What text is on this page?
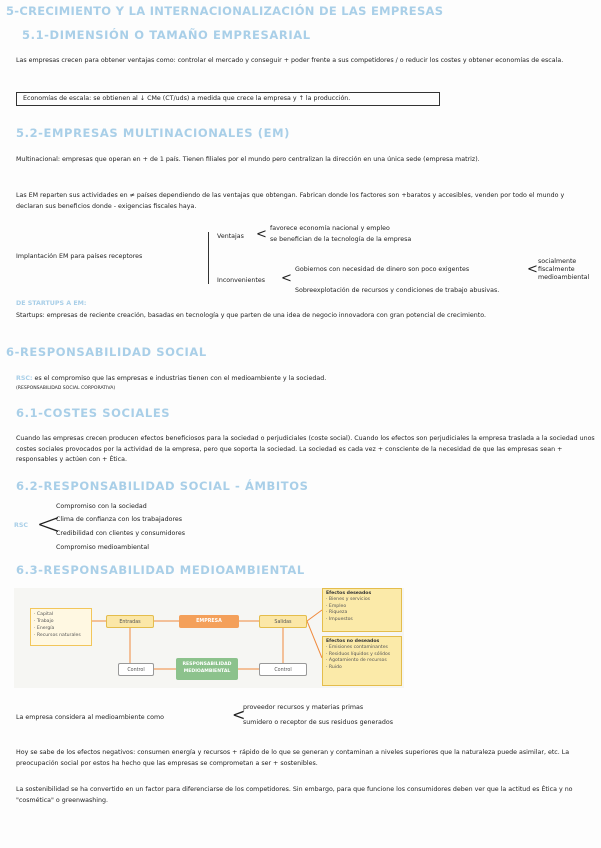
5-CRECIMIENTO Y LA INTERNACIONALIZACIÓN DE LAS EMPRESAS
5.1-DIMENSIÓN O TAMAÑO EMPRESARIAL
Las empresas crecen para obtener ventajas como: controlar el mercado y conseguir + poder frente a sus competidores / o reducir los costes y obtener economías de escala.
Economías de escala: se obtienen al ↓ CMe (CT/uds) a medida que crece la empresa y ↑ la producción.
5.2-EMPRESAS MULTINACIONALES (EM)
Multinacional: empresas que operan en + de 1 país. Tienen filiales por el mundo pero centralizan la dirección en una única sede (empresa matriz).
Las EM reparten sus actividades en ≠ países dependiendo de las ventajas que obtengan. Fabrican donde los factores son +baratos y accesibles, venden por todo el mundo y declaran sus beneficios donde - exigencias fiscales haya.
Implantación EM para países receptores
Ventajas < favorece economía nacional y empleo
se benefician de la tecnología de la empresa
Inconvenientes <
Gobiernos con necesidad de dinero son poco exigentes	<
socialmente
fiscalmente
medioambiental
Sobreexplotación de recursos y condiciones de trabajo abusivas.
DE STARTUPS A EM:
Startups: empresas de reciente creación, basadas en tecnología y que parten de una idea de negocio innovadora con gran potencial de crecimiento.
6-RESPONSABILIDAD SOCIAL
RSC: es el compromiso que las empresas e industrias tienen con el medioambiente y la sociedad.
(RESPONSABILIDAD SOCIAL CORPORATIVA)
6.1-COSTES SOCIALES
Cuando las empresas crecen producen efectos beneficiosos para la sociedad o perjudiciales (coste social). Cuando los efectos son perjudiciales la empresa traslada a la sociedad unos costes sociales provocados por la actividad de la empresa, pero que soporta la sociedad. La sociedad es cada vez + consciente de la necesidad de que las empresas sean + responsables y actúen con + Ética.
6.2-RESPONSABILIDAD SOCIAL - ÁMBITOS
RSC <
Compromiso con la sociedad
Clima de confianza con los trabajadores
Credibilidad con clientes y consumidores
Compromiso medioambiental
6.3-RESPONSABILIDAD MEDIOAMBIENTAL
· Capital
· Trabajo
· Energía
· Recursos naturales
Entradas	EMPRESA	Salidas
Control
RESPONSABILIDAD MEDIOAMBIENTAL	Control
Efectos deseados
· Bienes y servicios
· Empleo
· Riqueza
· Impuestos
Efectos no deseados
· Emisiones contaminantes
· Residuos líquidos y sólidos
· Agotamiento de recursos
· Ruido
La empresa considera al medioambiente como	<
proveedor recursos y materias primas
sumidero o receptor de sus residuos generados
Hoy se sabe de los efectos negativos: consumen energía y recursos + rápido de lo que se generan y contaminan a niveles superiores que la naturaleza puede asimilar, etc. La preocupación social por estos ha hecho que las empresas se comprometan a ser + sostenibles.
La sostenibilidad se ha convertido en un factor para diferenciarse de los competidores. Sin embargo, para que funcione los consumidores deben ver que la actitud es Ética y no "cosmética" o greenwashing.
